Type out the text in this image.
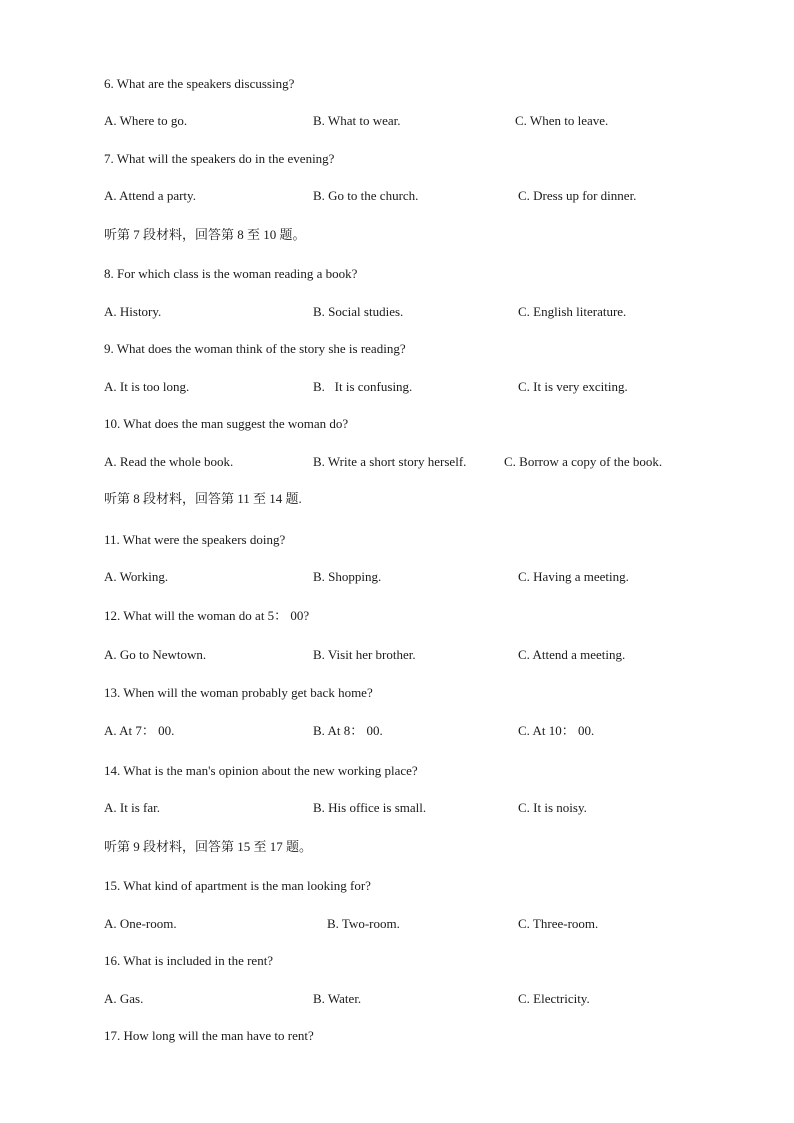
6. What are the speakers discussing?
A. Where to go.	B. What to wear.	C. When to leave.
7. What will the speakers do in the evening?
A. Attend a party.	B. Go to the church.	C. Dress up for dinner.
听第 7 段材料，回答第 8 至 10 题。
8. For which class is the woman reading a book?
A. History.	B. Social studies.	C. English literature.
9. What does the woman think of the story she is reading?
A. It is too long.	B.   It is confusing.	C. It is very exciting.
10. What does the man suggest the woman do?
A. Read the whole book.	B. Write a short story herself.	C. Borrow a copy of the book.
听第 8 段材料，回答第 11 至 14 题.
11. What were the speakers doing?
A. Working.	B. Shopping.	C. Having a meeting.
12. What will the woman do at 5： 00?
A. Go to Newtown.	B. Visit her brother.	C. Attend a meeting.
13. When will the woman probably get back home?
A. At 7： 00.	B. At 8： 00.	C. At 10： 00.
14. What is the man's opinion about the new working place?
A. It is far.	B. His office is small.	C. It is noisy.
听第 9 段材料，回答第 15 至 17 题。
15. What kind of apartment is the man looking for?
A. One-room.	B. Two-room.	C. Three-room.
16. What is included in the rent?
A. Gas.	B. Water.	C. Electricity.
17. How long will the man have to rent?
